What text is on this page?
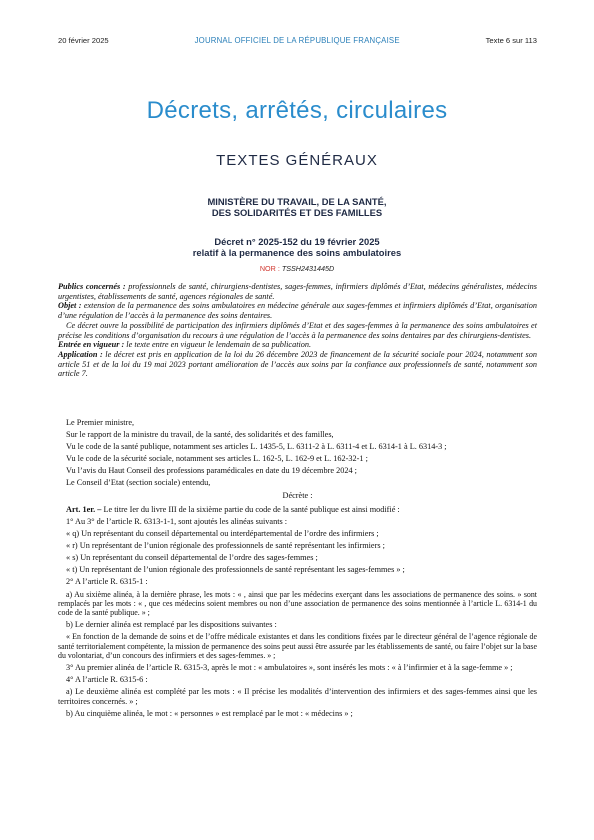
20 février 2025	JOURNAL OFFICIEL DE LA RÉPUBLIQUE FRANÇAISE	Texte 6 sur 113
Décrets, arrêtés, circulaires
TEXTES GÉNÉRAUX
MINISTÈRE DU TRAVAIL, DE LA SANTÉ,
DES SOLIDARITÉS ET DES FAMILLES
Décret n° 2025-152 du 19 février 2025
relatif à la permanence des soins ambulatoires
NOR : TSSH2431445D

Publics concernés : professionnels de santé, chirurgiens-dentistes, sages-femmes, infirmiers diplômés d’Etat, médecins généralistes, médecins urgentistes, établissements de santé, agences régionales de santé.

Objet : extension de la permanence des soins ambulatoires en médecine générale aux sages-femmes et infirmiers diplômés d’Etat, organisation d’une régulation de l’accès à la permanence des soins dentaires.

Ce décret ouvre la possibilité de participation des infirmiers diplômés d’Etat et des sages-femmes à la permanence des soins ambulatoires et précise les conditions d’organisation du recours à une régulation de l’accès à la permanence des soins dentaires par des chirurgiens-dentistes.

Entrée en vigueur : le texte entre en vigueur le lendemain de sa publication.

Application : le décret est pris en application de la loi du 26 décembre 2023 de financement de la sécurité sociale pour 2024, notamment son article 51 et de la loi du 19 mai 2023 portant amélioration de l’accès aux soins par la confiance aux professionnels de santé, notamment son article 7.

Le Premier ministre,

Sur le rapport de la ministre du travail, de la santé, des solidarités et des familles,

Vu le code de la santé publique, notamment ses articles L. 1435-5, L. 6311-2 à L. 6311-4 et L. 6314-1 à L. 6314-3 ;

Vu le code de la sécurité sociale, notamment ses articles L. 162-5, L. 162-9 et L. 162-32-1 ;

Vu l’avis du Haut Conseil des professions paramédicales en date du 19 décembre 2024 ;

Le Conseil d’Etat (section sociale) entendu,

Décrète :

Art. 1er. – Le titre Ier du livre III de la sixième partie du code de la santé publique est ainsi modifié :

1° Au 3° de l’article R. 6313-1-1, sont ajoutés les alinéas suivants :

« q) Un représentant du conseil départemental ou interdépartemental de l’ordre des infirmiers ;

« r) Un représentant de l’union régionale des professionnels de santé représentant les infirmiers ;

« s) Un représentant du conseil départemental de l’ordre des sages-femmes ;

« t) Un représentant de l’union régionale des professionnels de santé représentant les sages-femmes » ;

2° A l’article R. 6315-1 :

a) Au sixième alinéa, à la dernière phrase, les mots : « , ainsi que par les médecins exerçant dans les associations de permanence des soins. » sont remplacés par les mots : « , que ces médecins soient membres ou non d’une association de permanence des soins mentionnée à l’article L. 6314-1 du code de la santé publique. » ;

b) Le dernier alinéa est remplacé par les dispositions suivantes :

« En fonction de la demande de soins et de l’offre médicale existantes et dans les conditions fixées par le directeur général de l’agence régionale de santé territorialement compétente, la mission de permanence des soins peut aussi être assurée par les établissements de santé, ou faire l’objet sur la base du volontariat, d’un concours des infirmiers et des sages-femmes. » ;

3° Au premier alinéa de l’article R. 6315-3, après le mot : « ambulatoires », sont insérés les mots : « à l’infirmier et à la sage-femme » ;

4° A l’article R. 6315-6 :

a) Le deuxième alinéa est complété par les mots : « Il précise les modalités d’intervention des infirmiers et des sages-femmes ainsi que les territoires concernés. » ;

b) Au cinquième alinéa, le mot : « personnes » est remplacé par le mot : « médecins » ;
